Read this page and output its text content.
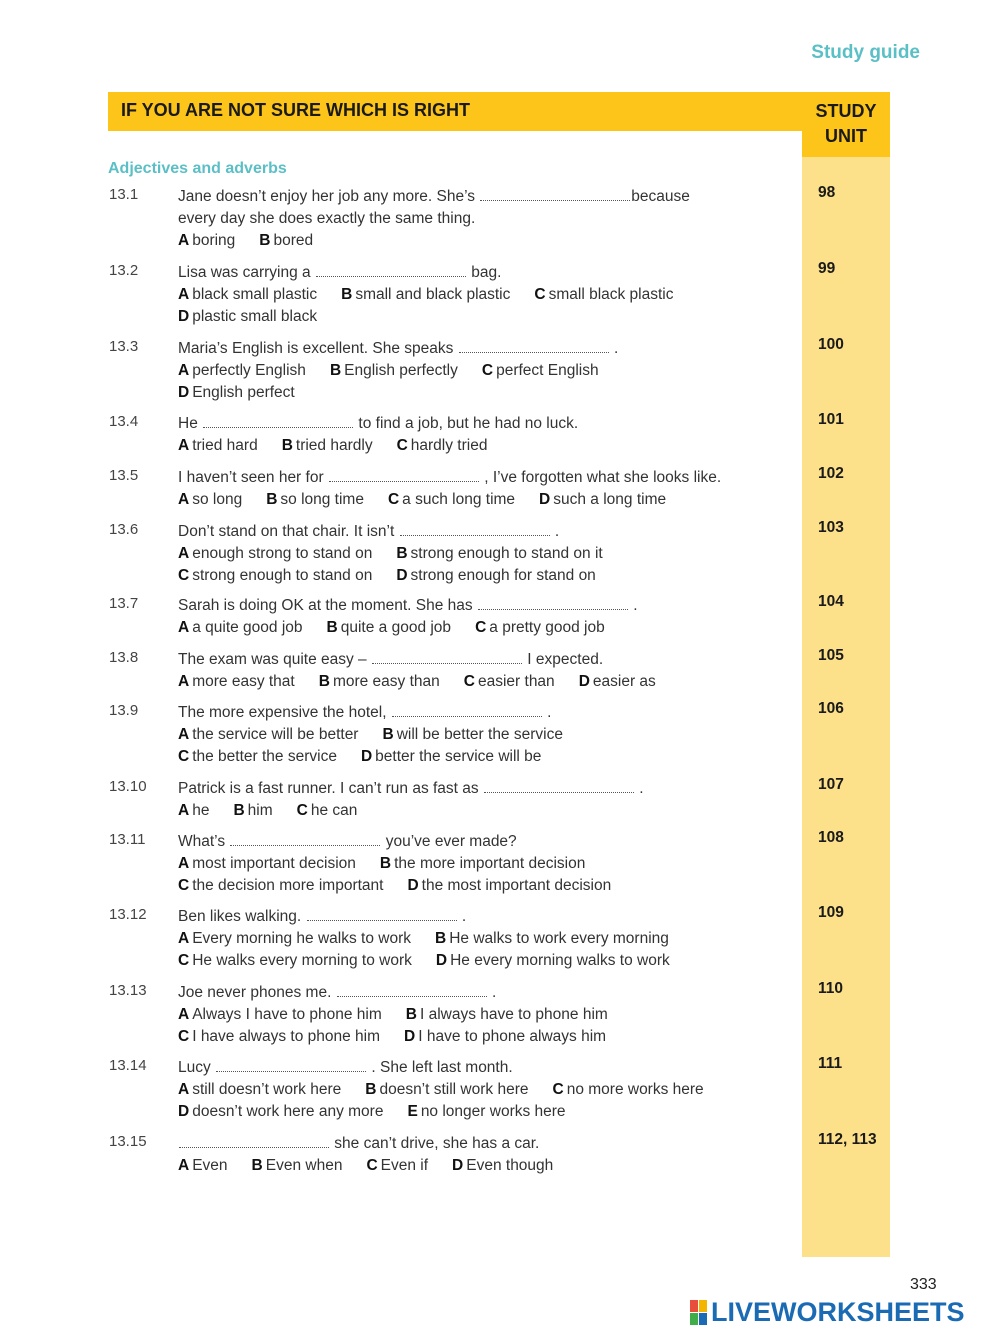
Study guide
IF YOU ARE NOT SURE WHICH IS RIGHT	STUDY
UNIT
Adjectives and adverbs
13.1	Jane doesn’t enjoy her job any more. She’s	because
every day she does exactly the same thing.
A boring B bored
98
13.2	Lisa was carrying a	bag.
A black small plastic B small and black plastic C small black plastic
D plastic small black
99
13.3	Maria’s English is excellent. She speaks	.
A perfectly English B English perfectly C perfect English
D English perfect
100
13.4	He	to find a job, but he had no luck.
A tried hard B tried hardly C hardly tried
101
13.5	I haven’t seen her for	, I’ve forgotten what she looks like.
A so long B so long time C a such long time D such a long time
102
13.6	Don’t stand on that chair. It isn’t	.
A enough strong to stand on B strong enough to stand on it
C strong enough to stand on D strong enough for stand on
103
13.7	Sarah is doing OK at the moment. She has	.
A a quite good job B quite a good job C a pretty good job
104
13.8	The exam was quite easy –	I expected.
A more easy that B more easy than C easier than D easier as
105
13.9	The more expensive the hotel,	.
A the service will be better B will be better the service
C the better the service D better the service will be
106
13.10 Patrick is a fast runner. I can’t run as fast as	.
A he B him C he can
107
13.11 What’s	you’ve ever made?
A most important decision B the more important decision
C the decision more important D the most important decision
108
13.12 Ben likes walking.	.
A Every morning he walks to work B He walks to work every morning
C He walks every morning to work D He every morning walks to work
109
13.13 Joe never phones me.	.
A Always I have to phone him B I always have to phone him
C I have always to phone him D I have to phone always him
110
13.14 Lucy	. She left last month.
A still doesn’t work here B doesn’t still work here C no more works here
D doesn’t work here any more E no longer works here
111
13.15	she can’t drive, she has a car.
A Even B Even when C Even if D Even though
112, 113
333
LIVEWORKSHEETS
